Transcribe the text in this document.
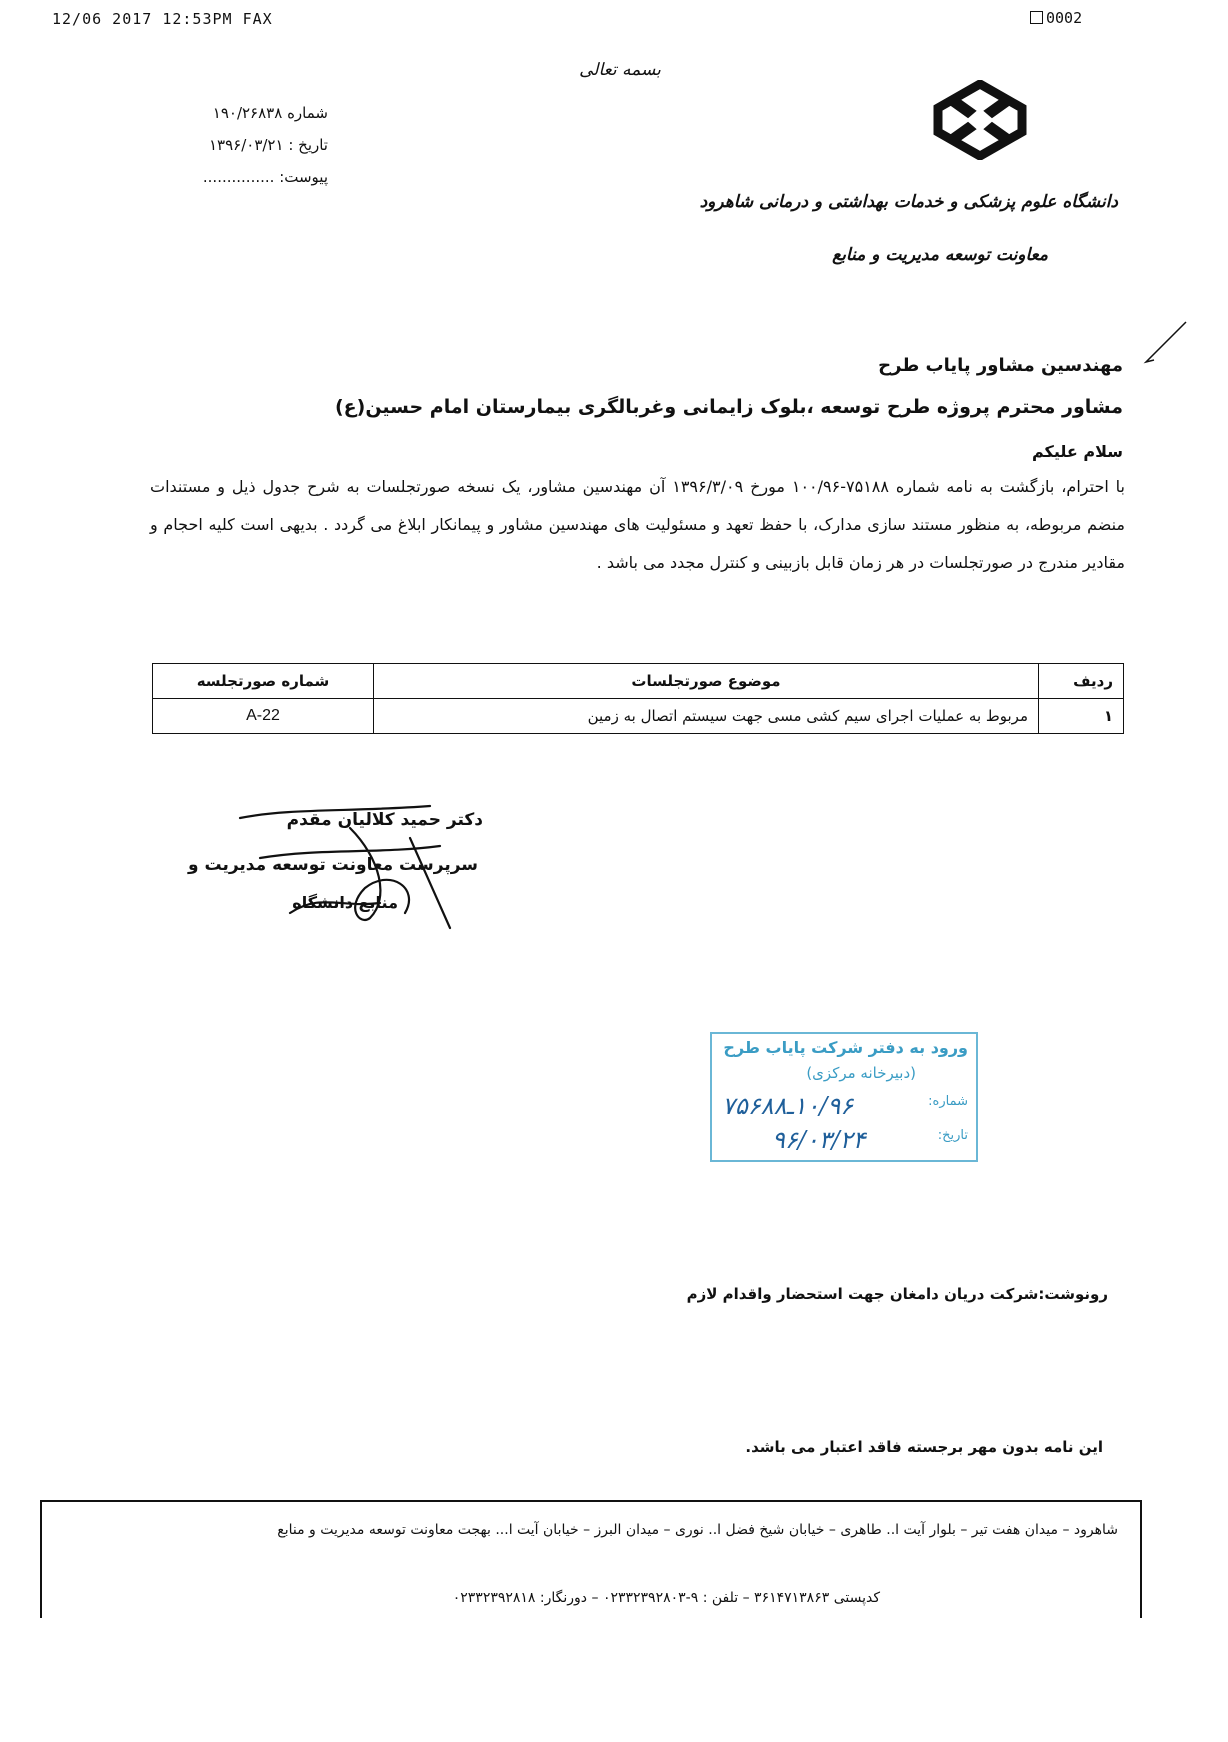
12/06 2017 12:53PM FAX	0002
بسمه تعالی
شماره ۱۹۰/۲۶۸۳۸
تاریخ : ۱۳۹۶/۰۳/۲۱
پیوست: ...............
دانشگاه علوم پزشکی و خدمات بهداشتی و درمانی شاهرود
معاونت توسعه مدیریت و منابع
مهندسین مشاور پایاب طرح
مشاور محترم پروژه طرح توسعه ،بلوک زایمانی وغربالگری بیمارستان امام حسین(ع)
سلام علیکم
با احترام، بازگشت به نامه شماره ۷۵۱۸۸-۱۰۰/۹۶ مورخ ۱۳۹۶/۳/۰۹ آن مهندسین مشاور، یک نسخه صورتجلسات به شرح جدول ذیل و مستندات منضم مربوطه، به منظور مستند سازی مدارک، با حفظ تعهد و مسئولیت های مهندسین مشاور و پیمانکار ابلاغ می گردد . بدیهی است کلیه احجام و مقادیر مندرج در صورتجلسات در هر زمان قابل بازبینی و کنترل مجدد می باشد .
ردیف	موضوع صورتجلسات	شماره صورتجلسه
۱	مربوط به عملیات اجرای سیم کشی مسی جهت سیستم اتصال به زمین	A-22
دکتر حمید کلالیان مقدم
سرپرست معاونت توسعه مدیریت و
منابع دانشگاه
ورود به دفتر شرکت پایاب طرح
(دبیرخانه مرکزی)
شماره:
تاریخ:
۱۰/۹۶ـ۷۵۶۸۸
۹۶/۰۳/۲۴
رونوشت:شرکت دریان دامغان جهت استحضار واقدام لازم
این نامه بدون مهر برجسته فاقد اعتبار می باشد.
شاهرود – میدان هفت تیر – بلوار آیت ا.. طاهری – خیابان شیخ فضل ا.. نوری – میدان البرز – خیابان آیت ا... بهجت معاونت توسعه مدیریت و منابع
کدپستی ۳۶۱۴۷۱۳۸۶۳ – تلفن : ۹-۰۲۳۳۲۳۹۲۸۰۳ – دورنگار: ۰۲۳۳۲۳۹۲۸۱۸
